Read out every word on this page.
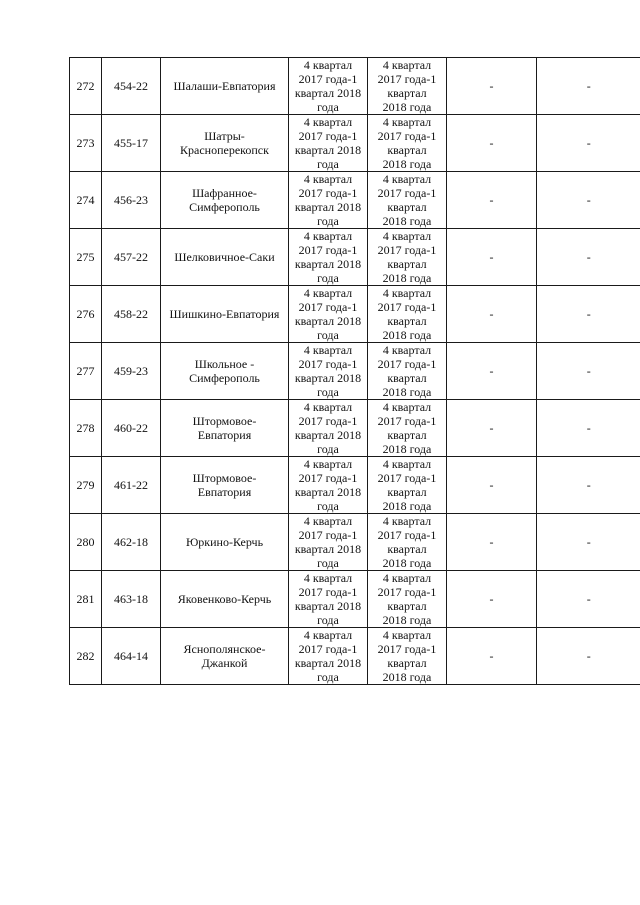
272	454-22	Шалаши-Евпатория	4 квартал
2017 года-1
квартал 2018
года	4 квартал
2017 года-1
квартал
2018 года	-	-
273	455-17	Шатры-
Красноперекопск	4 квартал
2017 года-1
квартал 2018
года	4 квартал
2017 года-1
квартал
2018 года	-	-
274	456-23	Шафранное-
Симферополь	4 квартал
2017 года-1
квартал 2018
года	4 квартал
2017 года-1
квартал
2018 года	-	-
275	457-22	Шелковичное-Саки	4 квартал
2017 года-1
квартал 2018
года	4 квартал
2017 года-1
квартал
2018 года	-	-
276	458-22	Шишкино-Евпатория	4 квартал
2017 года-1
квартал 2018
года	4 квартал
2017 года-1
квартал
2018 года	-	-
277	459-23	Школьное -
Симферополь	4 квартал
2017 года-1
квартал 2018
года	4 квартал
2017 года-1
квартал
2018 года	-	-
278	460-22	Штормовое-
Евпатория	4 квартал
2017 года-1
квартал 2018
года	4 квартал
2017 года-1
квартал
2018 года	-	-
279	461-22	Штормовое-
Евпатория	4 квартал
2017 года-1
квартал 2018
года	4 квартал
2017 года-1
квартал
2018 года	-	-
280	462-18	Юркино-Керчь	4 квартал
2017 года-1
квартал 2018
года	4 квартал
2017 года-1
квартал
2018 года	-	-
281	463-18	Яковенково-Керчь	4 квартал
2017 года-1
квартал 2018
года	4 квартал
2017 года-1
квартал
2018 года	-	-
282	464-14	Яснополянское-
Джанкой	4 квартал
2017 года-1
квартал 2018
года	4 квартал
2017 года-1
квартал
2018 года	-	-
